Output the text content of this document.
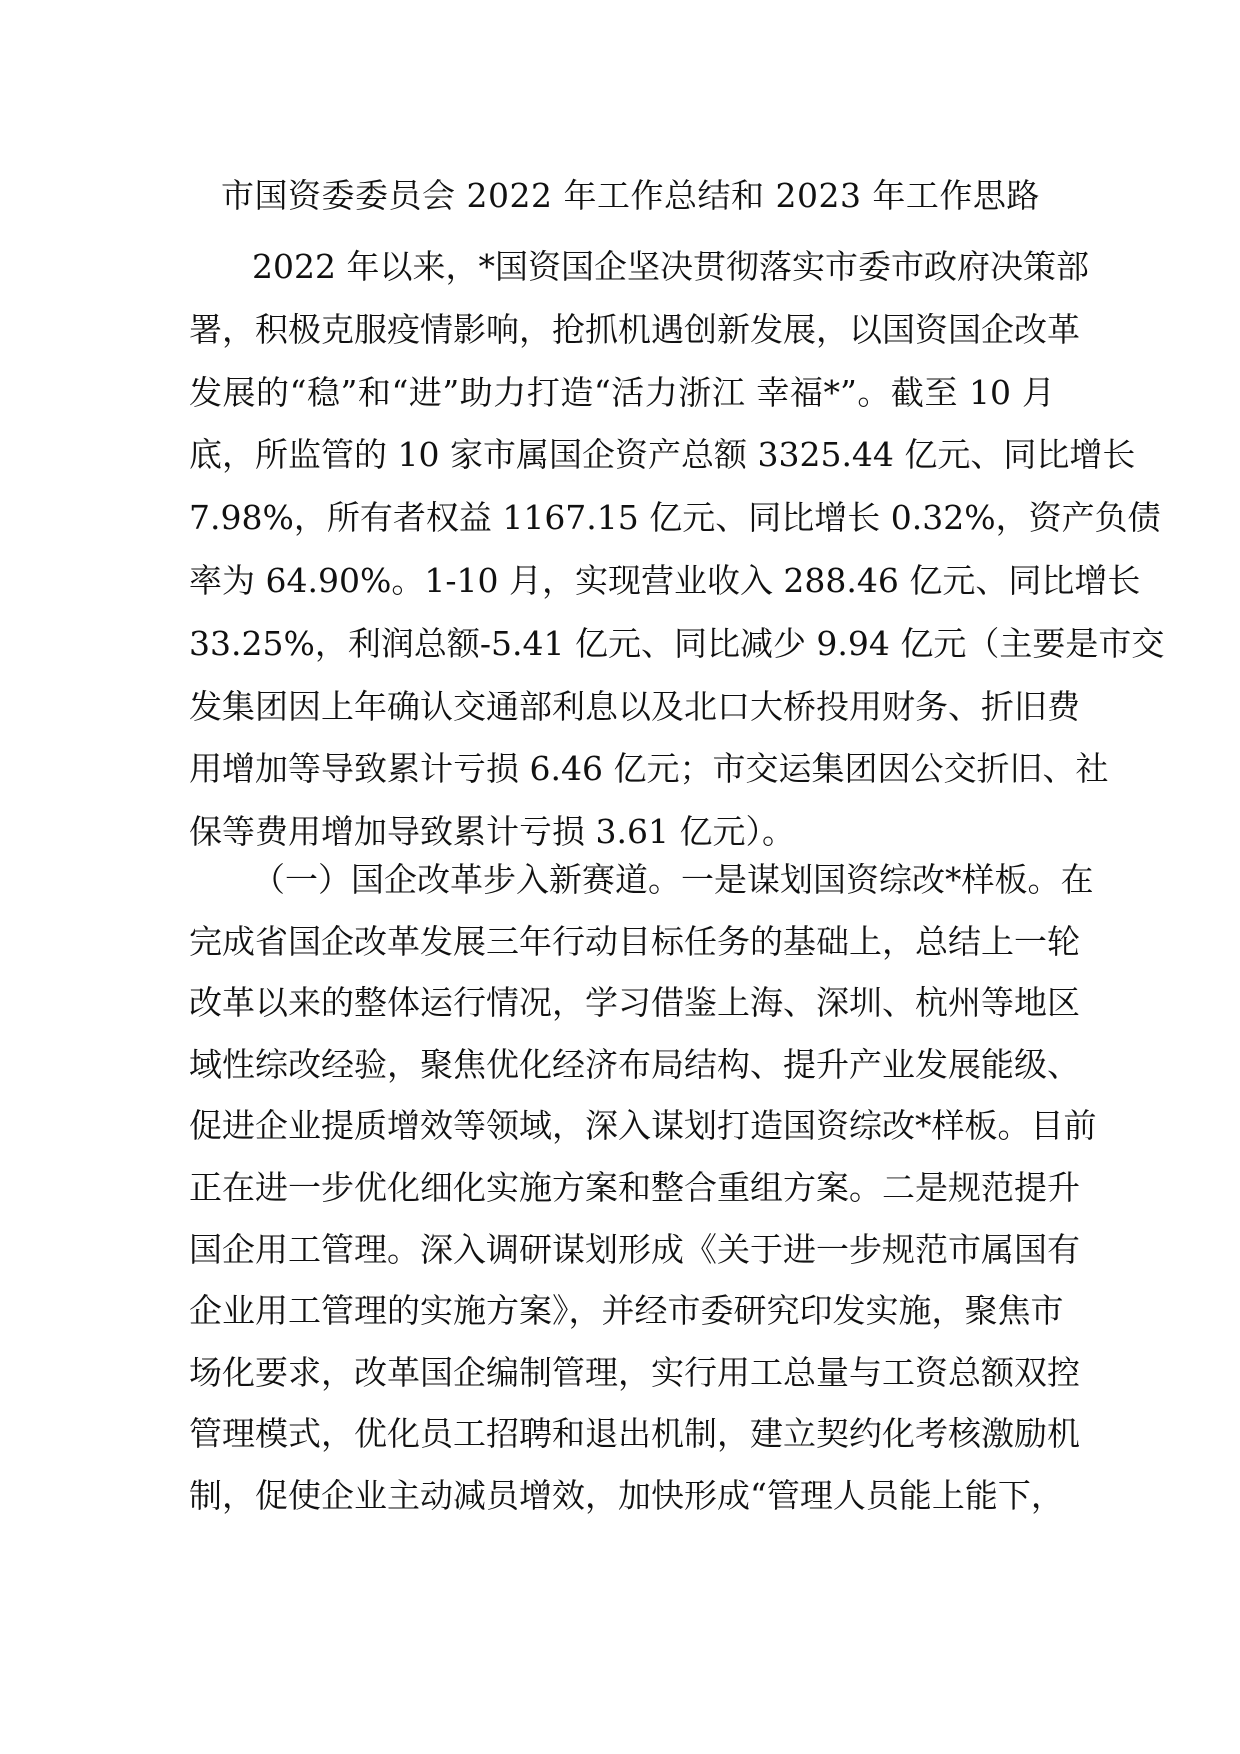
市国资委委员会 2022 年工作总结和 2023 年工作思路
2022 年以来，*国资国企坚决贯彻落实市委市政府决策部
署，积极克服疫情影响，抢抓机遇创新发展，以国资国企改革
发展的“稳”和“进”助力打造“活力浙江 幸福*”。截至 10 月
底，所监管的 10 家市属国企资产总额 3325.44 亿元、同比增长
7.98%，所有者权益 1167.15 亿元、同比增长 0.32%，资产负债
率为 64.90%。1-10 月，实现营业收入 288.46 亿元、同比增长
33.25%，利润总额-5.41 亿元、同比减少 9.94 亿元（主要是市交
发集团因上年确认交通部利息以及北口大桥投用财务、折旧费
用增加等导致累计亏损 6.46 亿元；市交运集团因公交折旧、社
保等费用增加导致累计亏损 3.61 亿元）。
（一）国企改革步入新赛道。一是谋划国资综改*样板。在
完成省国企改革发展三年行动目标任务的基础上，总结上一轮
改革以来的整体运行情况，学习借鉴上海、深圳、杭州等地区
域性综改经验，聚焦优化经济布局结构、提升产业发展能级、
促进企业提质增效等领域，深入谋划打造国资综改*样板。目前
正在进一步优化细化实施方案和整合重组方案。二是规范提升
国企用工管理。深入调研谋划形成《关于进一步规范市属国有
企业用工管理的实施方案》，并经市委研究印发实施，聚焦市
场化要求，改革国企编制管理，实行用工总量与工资总额双控
管理模式，优化员工招聘和退出机制，建立契约化考核激励机
制，促使企业主动减员增效，加快形成“管理人员能上能下，
